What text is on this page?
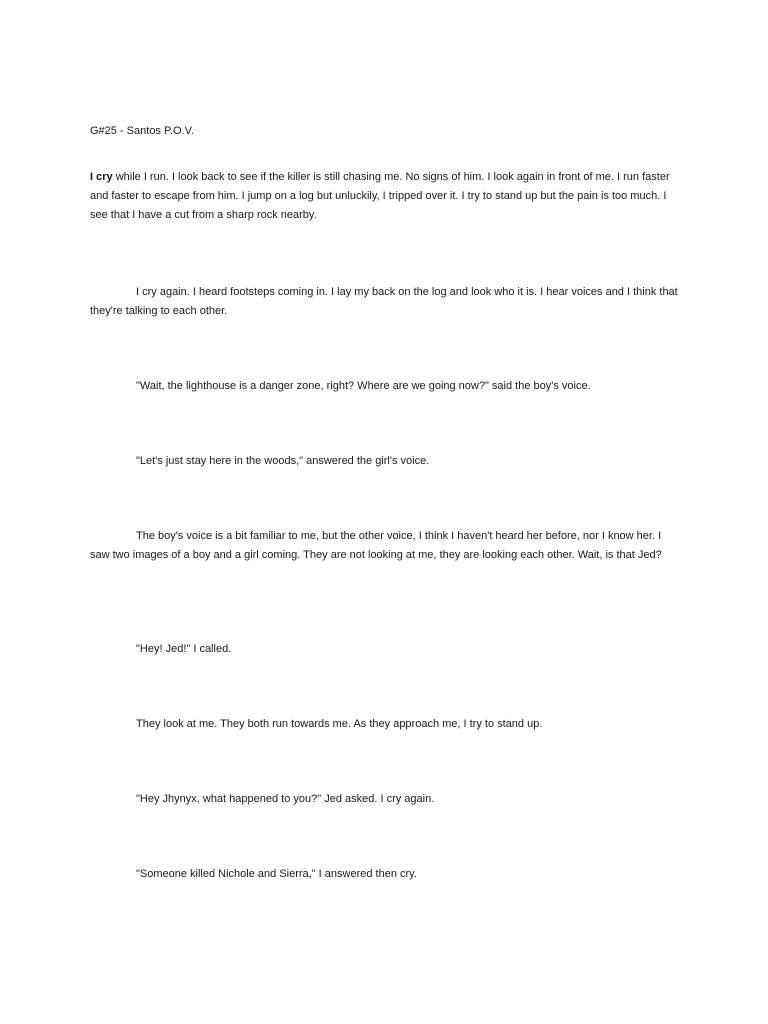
G#25 - Santos P.O.V.

I cry while I run. I look back to see if the killer is still chasing me. No signs of him. I look again in front of me. I run faster and faster to escape from him. I jump on a log but unluckily, I tripped over it. I try to stand up but the pain is too much. I see that I have a cut from a sharp rock nearby.

I cry again. I heard footsteps coming in. I lay my back on the log and look who it is. I hear voices and I think that they're talking to each other.

"Wait, the lighthouse is a danger zone, right? Where are we going now?" said the boy's voice.

"Let's just stay here in the woods," answered the girl's voice.

The boy's voice is a bit familiar to me, but the other voice, I think I haven't heard her before, nor I know her. I saw two images of a boy and a girl coming. They are not looking at me, they are looking each other. Wait, is that Jed?

"Hey! Jed!" I called.

They look at me. They both run towards me. As they approach me, I try to stand up.

"Hey Jhynyx, what happened to you?" Jed asked. I cry again.

"Someone killed Nichole and Sierra," I answered then cry.
